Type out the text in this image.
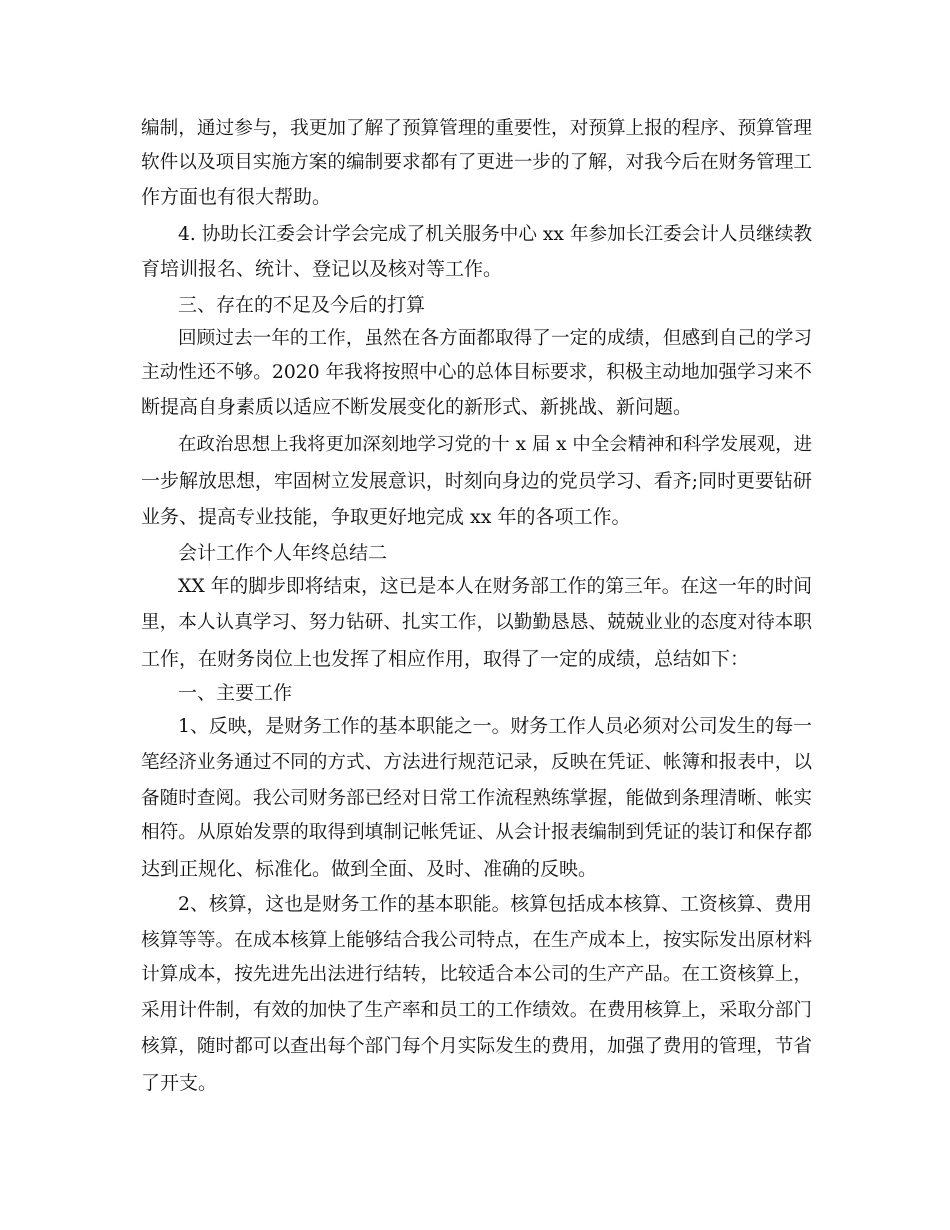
编制，通过参与，我更加了解了预算管理的重要性，对预算上报的程序、预算管理

软件以及项目实施方案的编制要求都有了更进一步的了解，对我今后在财务管理工

作方面也有很大帮助。

4. 协助长江委会计学会完成了机关服务中心 xx 年参加长江委会计人员继续教

育培训报名、统计、登记以及核对等工作。

三、存在的不足及今后的打算

回顾过去一年的工作，虽然在各方面都取得了一定的成绩，但感到自己的学习

主动性还不够。2020 年我将按照中心的总体目标要求，积极主动地加强学习来不

断提高自身素质以适应不断发展变化的新形式、新挑战、新问题。

在政治思想上我将更加深刻地学习党的十 x 届 x 中全会精神和科学发展观，进

一步解放思想，牢固树立发展意识，时刻向身边的党员学习、看齐;同时更要钻研

业务、提高专业技能，争取更好地完成 xx 年的各项工作。

会计工作个人年终总结二

XX 年的脚步即将结束，这已是本人在财务部工作的第三年。在这一年的时间

里，本人认真学习、努力钻研、扎实工作，以勤勤恳恳、兢兢业业的态度对待本职

工作，在财务岗位上也发挥了相应作用，取得了一定的成绩，总结如下：

一、主要工作

1、反映，是财务工作的基本职能之一。财务工作人员必须对公司发生的每一

笔经济业务通过不同的方式、方法进行规范记录，反映在凭证、帐簿和报表中，以

备随时查阅。我公司财务部已经对日常工作流程熟练掌握，能做到条理清晰、帐实

相符。从原始发票的取得到填制记帐凭证、从会计报表编制到凭证的装订和保存都

达到正规化、标准化。做到全面、及时、准确的反映。

2、核算，这也是财务工作的基本职能。核算包括成本核算、工资核算、费用

核算等等。在成本核算上能够结合我公司特点，在生产成本上，按实际发出原材料

计算成本，按先进先出法进行结转，比较适合本公司的生产产品。在工资核算上，

采用计件制，有效的加快了生产率和员工的工作绩效。在费用核算上，采取分部门

核算，随时都可以查出每个部门每个月实际发生的费用，加强了费用的管理，节省

了开支。
